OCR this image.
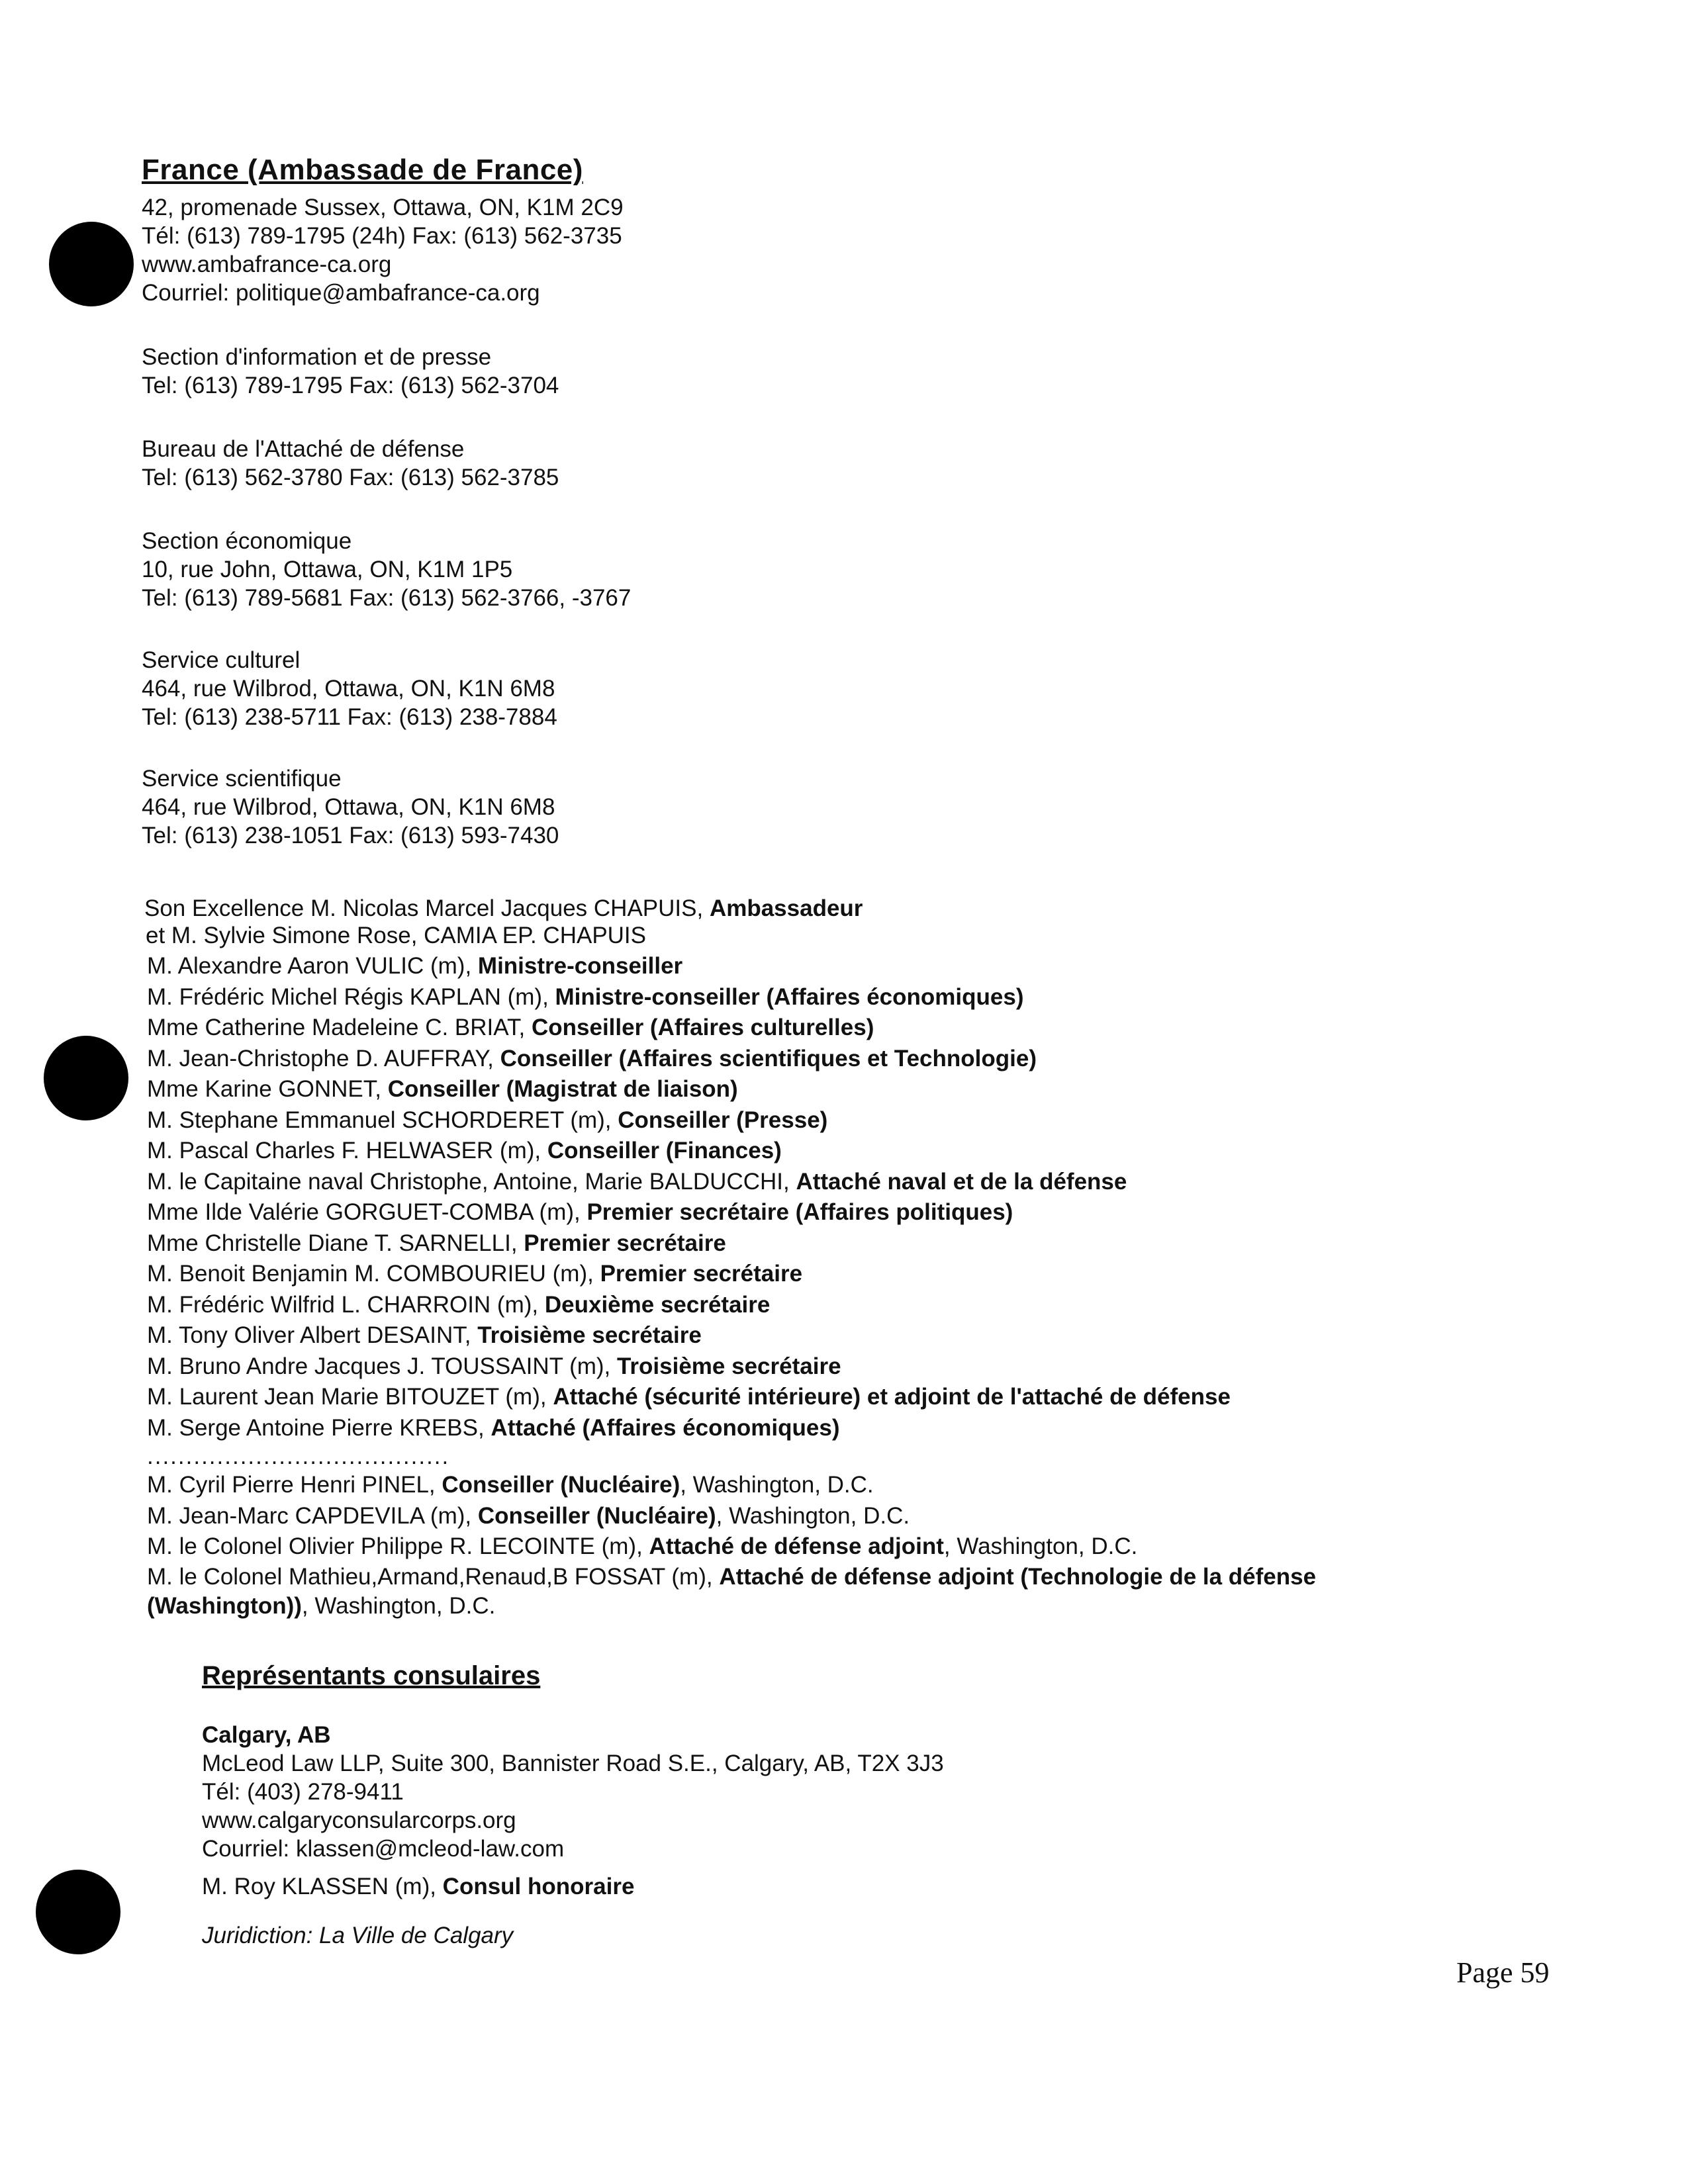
France (Ambassade de France)
42, promenade Sussex, Ottawa, ON, K1M 2C9
Tél: (613) 789-1795 (24h) Fax: (613) 562-3735
www.ambafrance-ca.org
Courriel: politique@ambafrance-ca.org
Section d'information et de presse
Tel: (613) 789-1795 Fax: (613) 562-3704
Bureau de l'Attaché de défense
Tel: (613) 562-3780 Fax: (613) 562-3785
Section économique
10, rue John, Ottawa, ON, K1M 1P5
Tel: (613) 789-5681 Fax: (613) 562-3766, -3767
Service culturel
464, rue Wilbrod, Ottawa, ON, K1N 6M8
Tel: (613) 238-5711 Fax: (613) 238-7884
Service scientifique
464, rue Wilbrod, Ottawa, ON, K1N 6M8
Tel: (613) 238-1051 Fax: (613) 593-7430
Son Excellence M. Nicolas Marcel Jacques CHAPUIS, Ambassadeur
et M. Sylvie Simone Rose, CAMIA EP. CHAPUIS
M. Alexandre Aaron VULIC (m), Ministre-conseiller
M. Frédéric Michel Régis KAPLAN (m), Ministre-conseiller (Affaires économiques)
Mme Catherine Madeleine C. BRIAT, Conseiller (Affaires culturelles)
M. Jean-Christophe D. AUFFRAY, Conseiller (Affaires scientifiques et Technologie)
Mme Karine GONNET, Conseiller (Magistrat de liaison)
M. Stephane Emmanuel SCHORDERET (m), Conseiller (Presse)
M. Pascal Charles F. HELWASER (m), Conseiller (Finances)
M. le Capitaine naval Christophe, Antoine, Marie BALDUCCHI, Attaché naval et de la défense
Mme Ilde Valérie GORGUET-COMBA (m), Premier secrétaire (Affaires politiques)
Mme Christelle Diane T. SARNELLI, Premier secrétaire
M. Benoit Benjamin M. COMBOURIEU (m), Premier secrétaire
M. Frédéric Wilfrid L. CHARROIN (m), Deuxième secrétaire
M. Tony Oliver Albert DESAINT, Troisième secrétaire
M. Bruno Andre Jacques J. TOUSSAINT (m), Troisième secrétaire
M. Laurent Jean Marie BITOUZET (m), Attaché (sécurité intérieure) et adjoint de l'attaché de défense
M. Serge Antoine Pierre KREBS, Attaché (Affaires économiques)
.......................................
M. Cyril Pierre Henri PINEL, Conseiller (Nucléaire), Washington, D.C.
M. Jean-Marc CAPDEVILA (m), Conseiller (Nucléaire), Washington, D.C.
M. le Colonel Olivier Philippe R. LECOINTE (m), Attaché de défense adjoint, Washington, D.C.
M. le Colonel Mathieu,Armand,Renaud,B FOSSAT (m), Attaché de défense adjoint (Technologie de la défense (Washington)), Washington, D.C.
Représentants consulaires
Calgary, AB
McLeod Law LLP, Suite 300, Bannister Road S.E., Calgary, AB, T2X 3J3
Tél: (403) 278-9411
www.calgaryconsularcorps.org
Courriel: klassen@mcleod-law.com
M. Roy KLASSEN (m), Consul honoraire
Juridiction: La Ville de Calgary
Page 59
